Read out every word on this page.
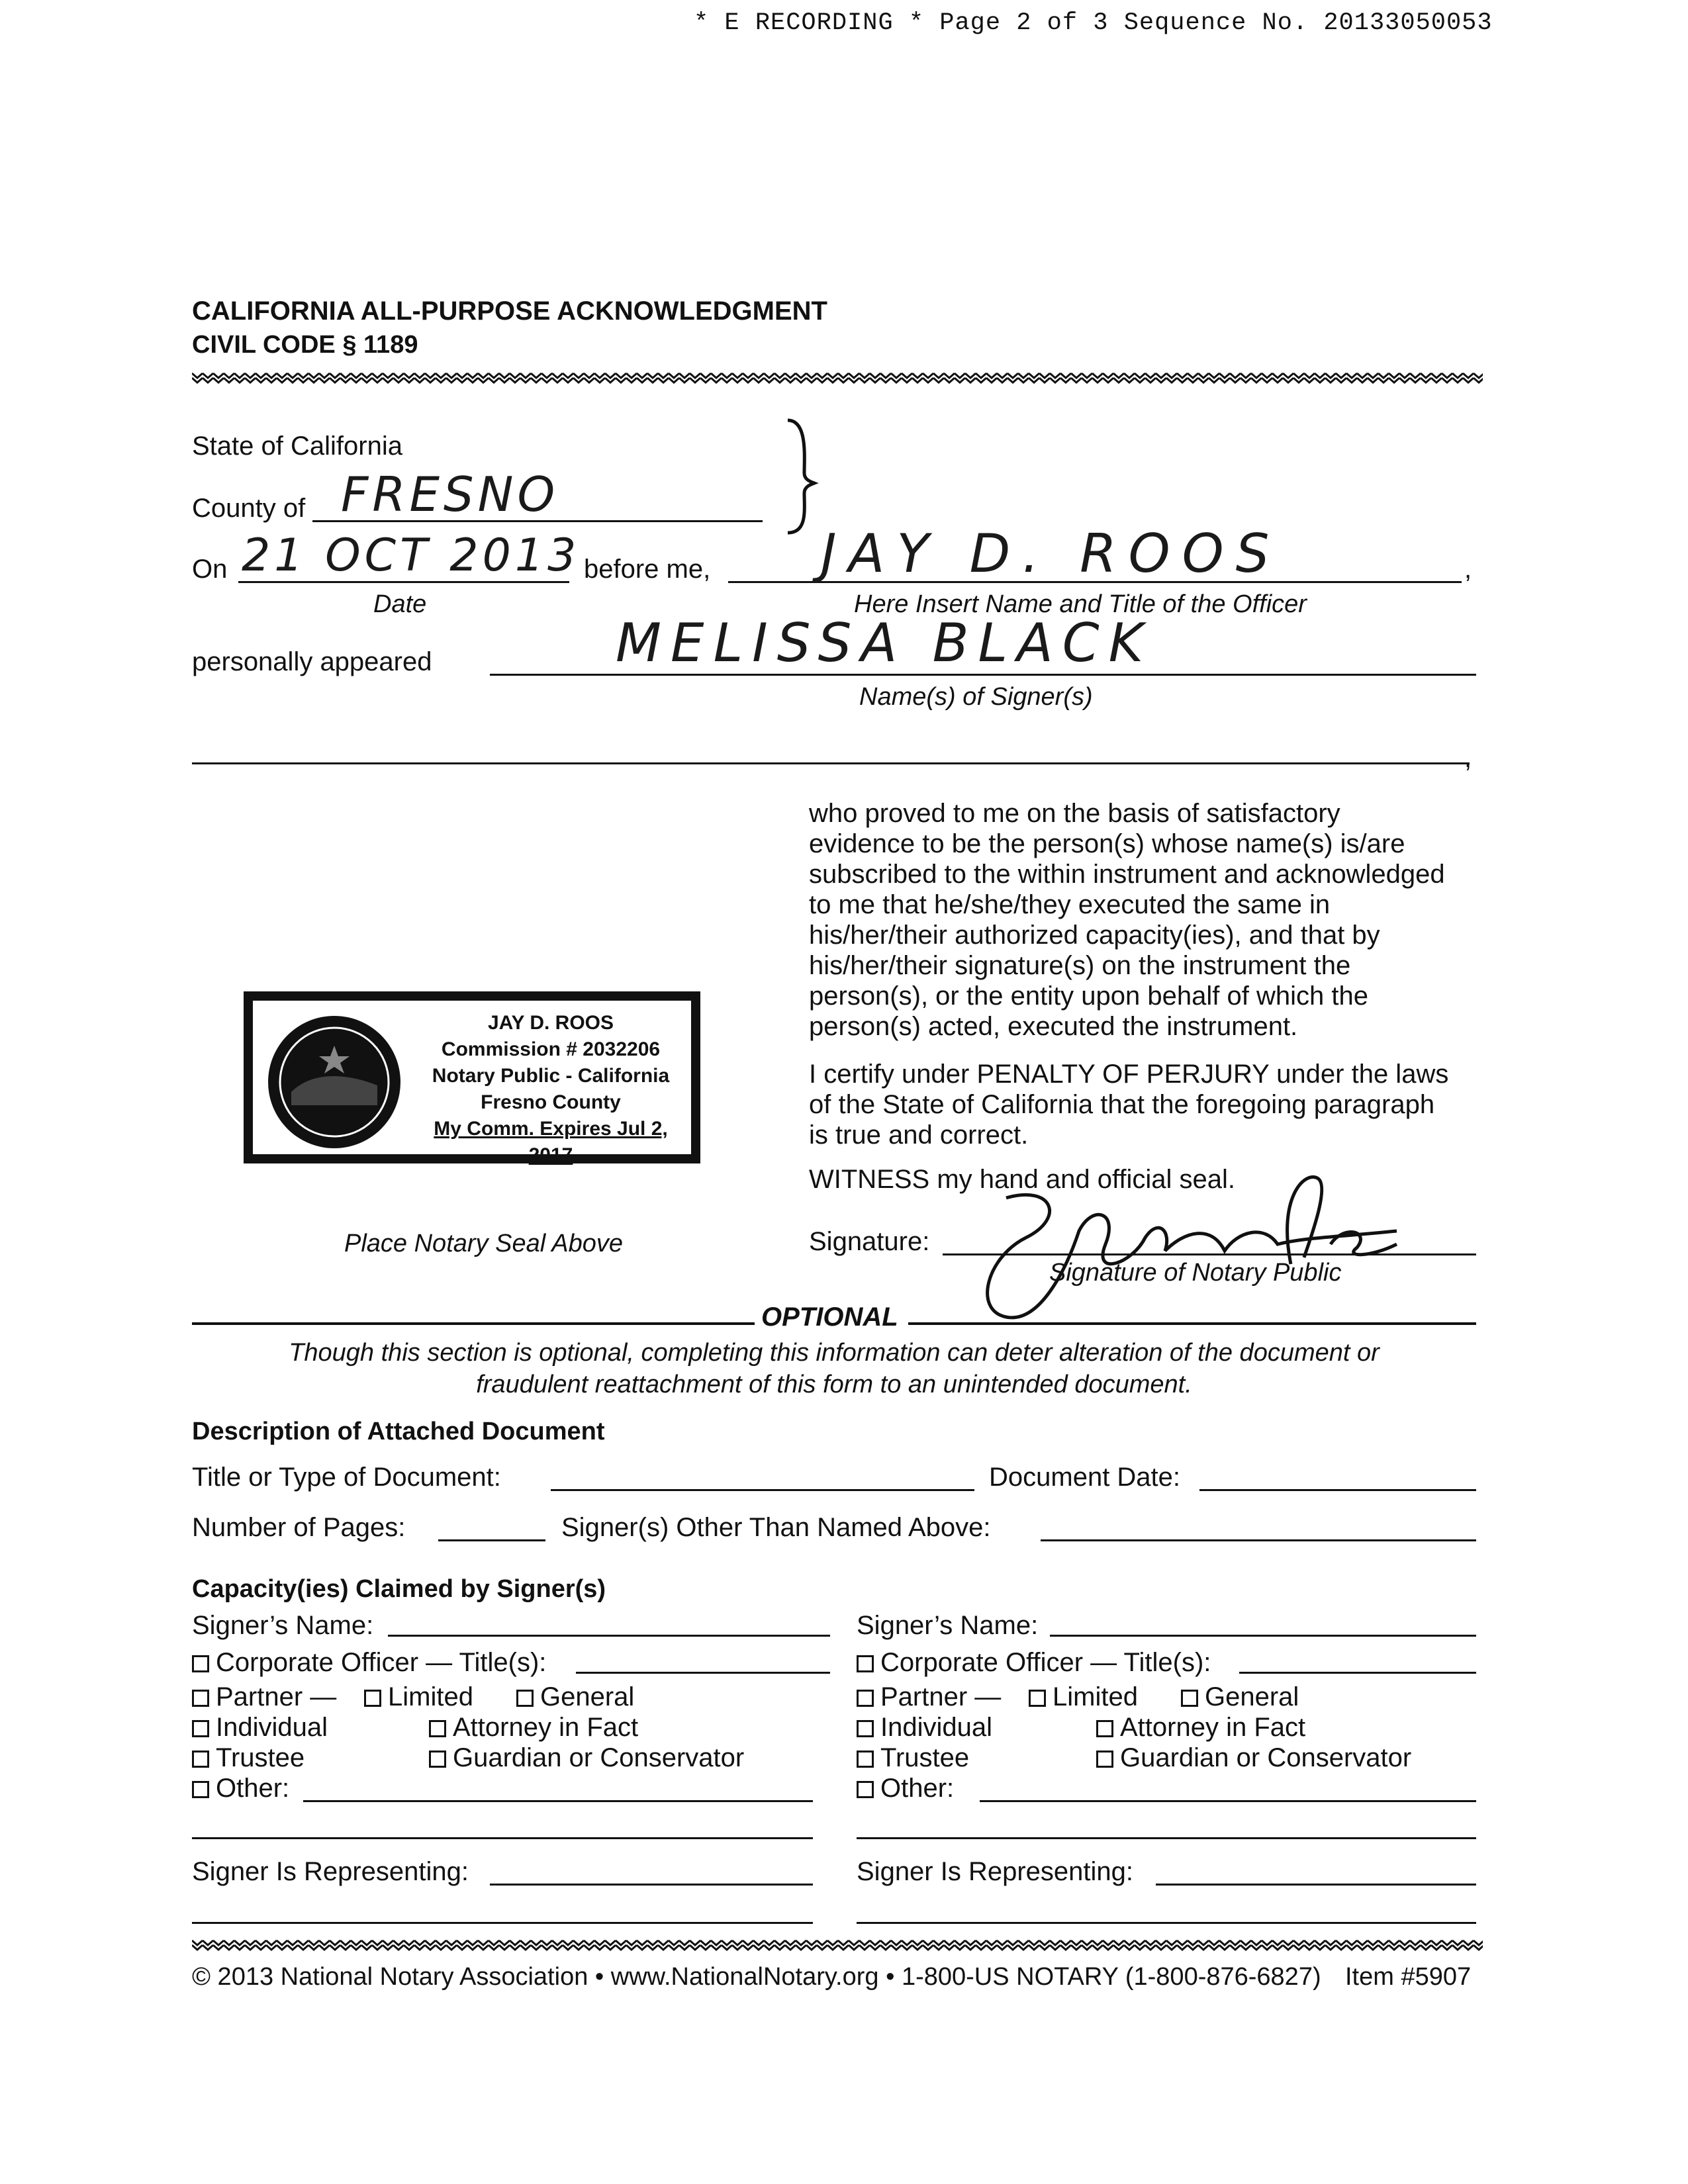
* E RECORDING * Page 2 of 3 Sequence No. 20133050053
CALIFORNIA ALL-PURPOSE ACKNOWLEDGMENT
CIVIL CODE § 1189
State of California
County of FRESNO
On 21 OCT 2013 before me,	,
JAY D. ROOS
Date	Here Insert Name and Title of the Officer
personally appeared	MELISSA BLACK
Name(s) of Signer(s)
,
who proved to me on the basis of satisfactory
evidence to be the person(s) whose name(s) is/are
subscribed to the within instrument and acknowledged
to me that he/she/they executed the same in
his/her/their authorized capacity(ies), and that by
his/her/their signature(s) on the instrument the
person(s), or the entity upon behalf of which the
person(s) acted, executed the instrument.
I certify under PENALTY OF PERJURY under the laws
of the State of California that the foregoing paragraph
is true and correct.
WITNESS my hand and official seal.
Signature:
Signature of Notary Public
JAY D. ROOS
Commission # 2032206
Notary Public - California
Fresno County
My Comm. Expires Jul 2, 2017
Place Notary Seal Above
OPTIONAL
Though this section is optional, completing this information can deter alteration of the document or
fraudulent reattachment of this form to an unintended document.
Description of Attached Document
Title or Type of Document:	Document Date:
Number of Pages:	Signer(s) Other Than Named Above:
Capacity(ies) Claimed by Signer(s)
Signer’s Name:
Corporate Officer — Title(s):
Partner —	Limited	General
Individual	Attorney in Fact
Trustee	Guardian or Conservator
Other:
Signer Is Representing:
Signer’s Name:
Corporate Officer — Title(s):
Partner —	Limited	General
Individual	Attorney in Fact
Trustee	Guardian or Conservator
Other:
Signer Is Representing:
© 2013 National Notary Association • www.NationalNotary.org • 1-800-US NOTARY (1-800-876-6827) Item #5907
